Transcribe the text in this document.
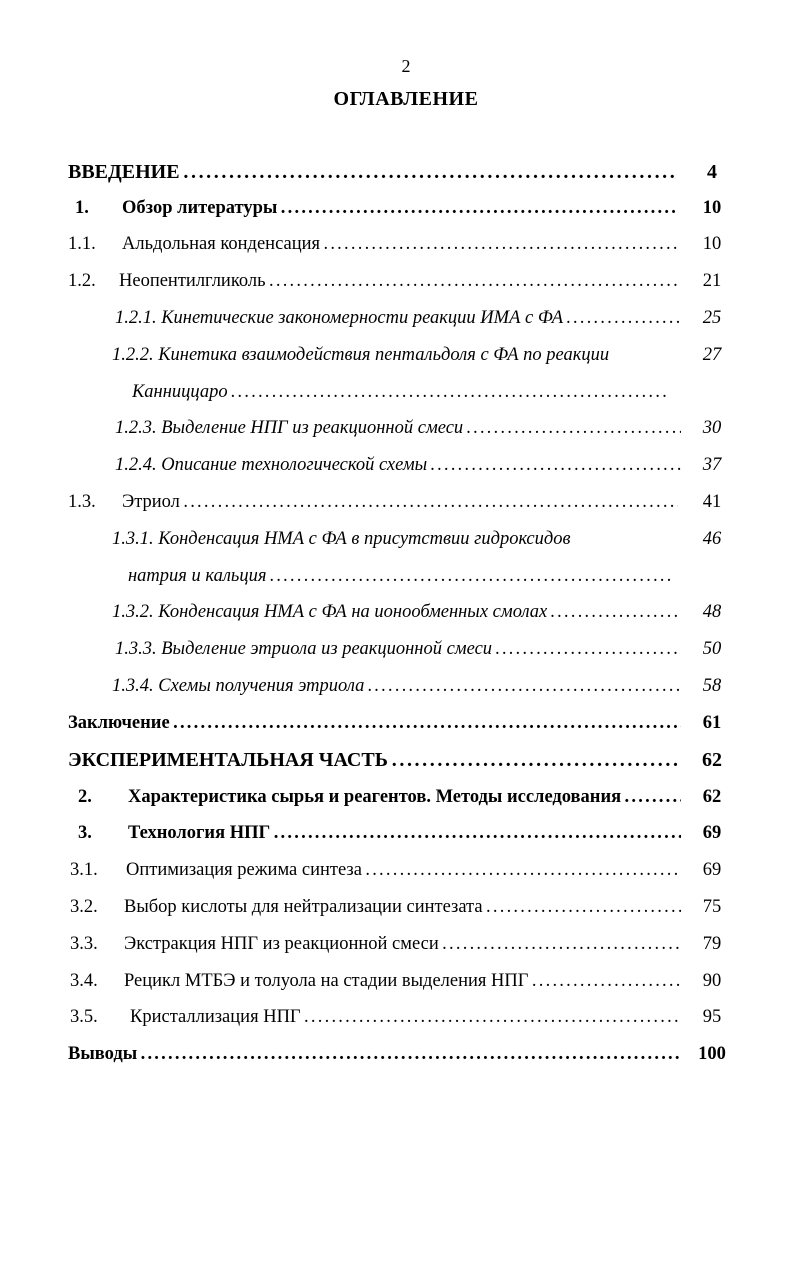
2
ОГЛАВЛЕНИЕ
ВВЕДЕНИЕ . . .	4
1. Обзор литературы . . .	10
1.1. Альдольная конденсация . . .	10
1.2. Неопентилгликоль . . .	21
1.2.1. Кинетические закономерности реакции ИМА с ФА . . .	25
1.2.2. Кинетика взаимодействия пентальдоля с ФА по реакции	27
Канниццаро . . .
1.2.3. Выделение НПГ из реакционной смеси . . .	30
1.2.4. Описание технологической схемы . . .	37
1.3. Этриол . . .	41
1.3.1. Конденсация НМА с ФА в присутствии гидроксидов	46
натрия и кальция . . .
1.3.2. Конденсация НМА с ФА на ионообменных смолах . . .	48
1.3.3. Выделение этриола из реакционной смеси . . .	50
1.3.4. Схемы получения этриола . . .	58
Заключение . . .	61
ЭКСПЕРИМЕНТАЛЬНАЯ ЧАСТЬ . . .	62
2. Характеристика сырья и реагентов. Методы исследования . . .	62
3. Технология НПГ . . .	69
3.1. Оптимизация режима синтеза . . .	69
3.2. Выбор кислоты для нейтрализации синтезата . . .	75
3.3. Экстракция НПГ из реакционной смеси . . .	79
3.4. Рецикл МТБЭ и толуола на стадии выделения НПГ . . .	90
3.5. Кристаллизация НПГ . . .	95
Выводы . . .	100
